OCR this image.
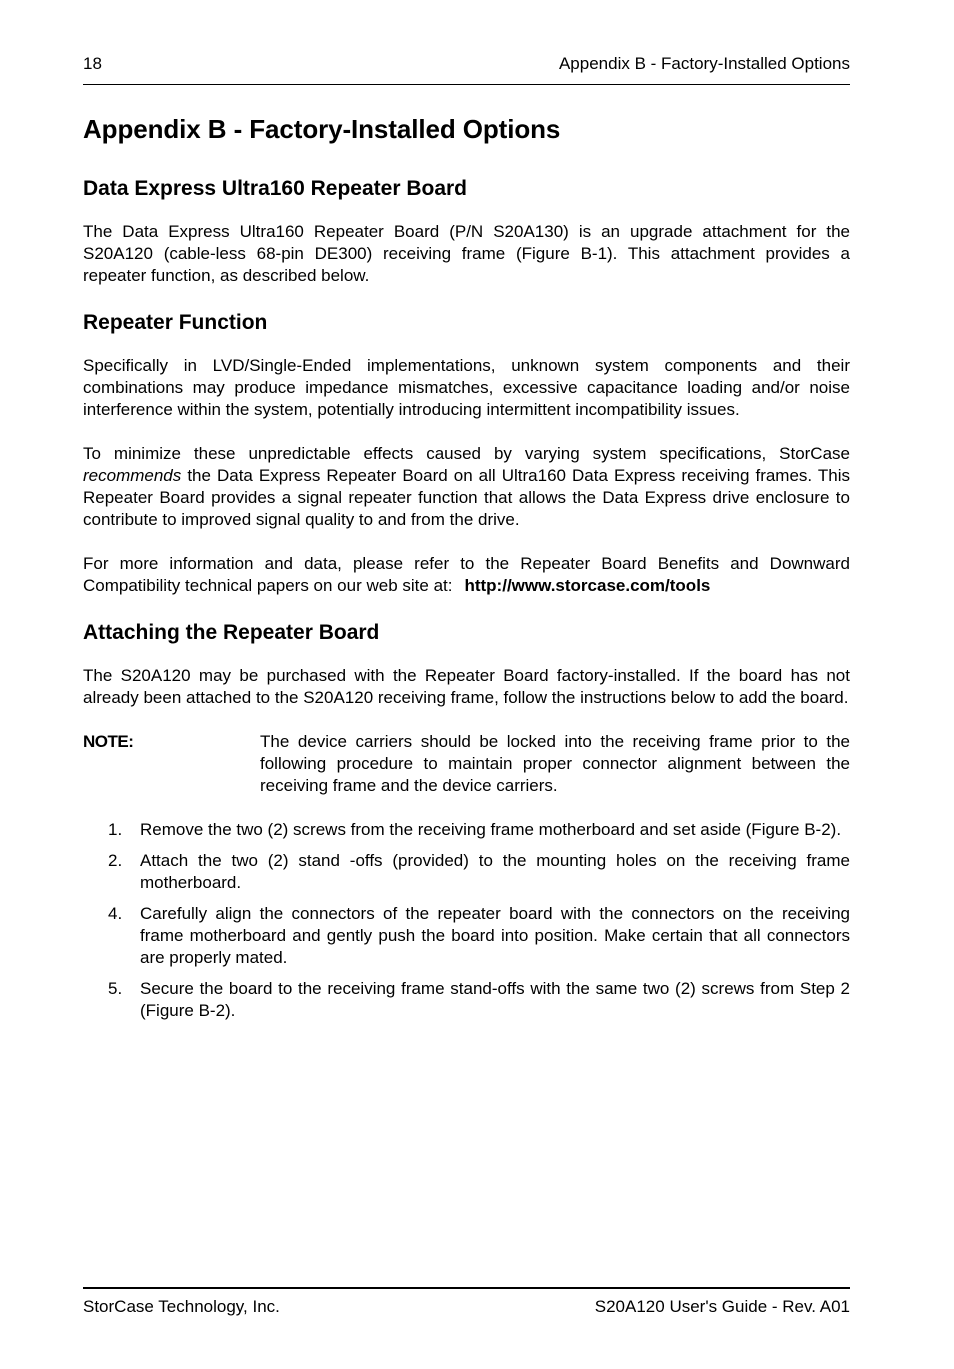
18	Appendix B - Factory-Installed Options
Appendix B - Factory-Installed Options
Data Express Ultra160 Repeater Board

The Data Express Ultra160 Repeater Board (P/N S20A130) is an upgrade attachment for the S20A120 (cable-less 68-pin DE300) receiving frame (Figure B-1). This attachment provides a repeater function, as described below.

Repeater Function

Specifically in LVD/Single-Ended implementations, unknown system components and their combinations may produce impedance mismatches, excessive capacitance loading and/or noise interference within the system, potentially introducing intermittent incompatibility issues.

To minimize these unpredictable effects caused by varying system specifications, StorCase recommends the Data Express Repeater Board on all Ultra160 Data Express receiving frames. This Repeater Board provides a signal repeater function that allows the Data Express drive enclosure to contribute to improved signal quality to and from the drive.

For more information and data, please refer to the Repeater Board Benefits and Downward Compatibility technical papers on our web site at: http://www.storcase.com/tools

Attaching the Repeater Board

The S20A120 may be purchased with the Repeater Board factory-installed. If the board has not already been attached to the S20A120 receiving frame, follow the instructions below to add the board.

NOTE:	The device carriers should be locked into the receiving frame prior to the following procedure to maintain proper connector alignment between the receiving frame and the device carriers.
1.	Remove the two (2) screws from the receiving frame motherboard and set aside (Figure B-2).
2.	Attach the two (2) stand -offs (provided) to the mounting holes on the receiving frame motherboard.
4.	Carefully align the connectors of the repeater board with the connectors on the receiving frame motherboard and gently push the board into position. Make certain that all connectors are properly mated.
5.	Secure the board to the receiving frame stand-offs with the same two (2) screws from Step 2 (Figure B-2).
StorCase Technology, Inc.	S20A120 User's Guide - Rev. A01
